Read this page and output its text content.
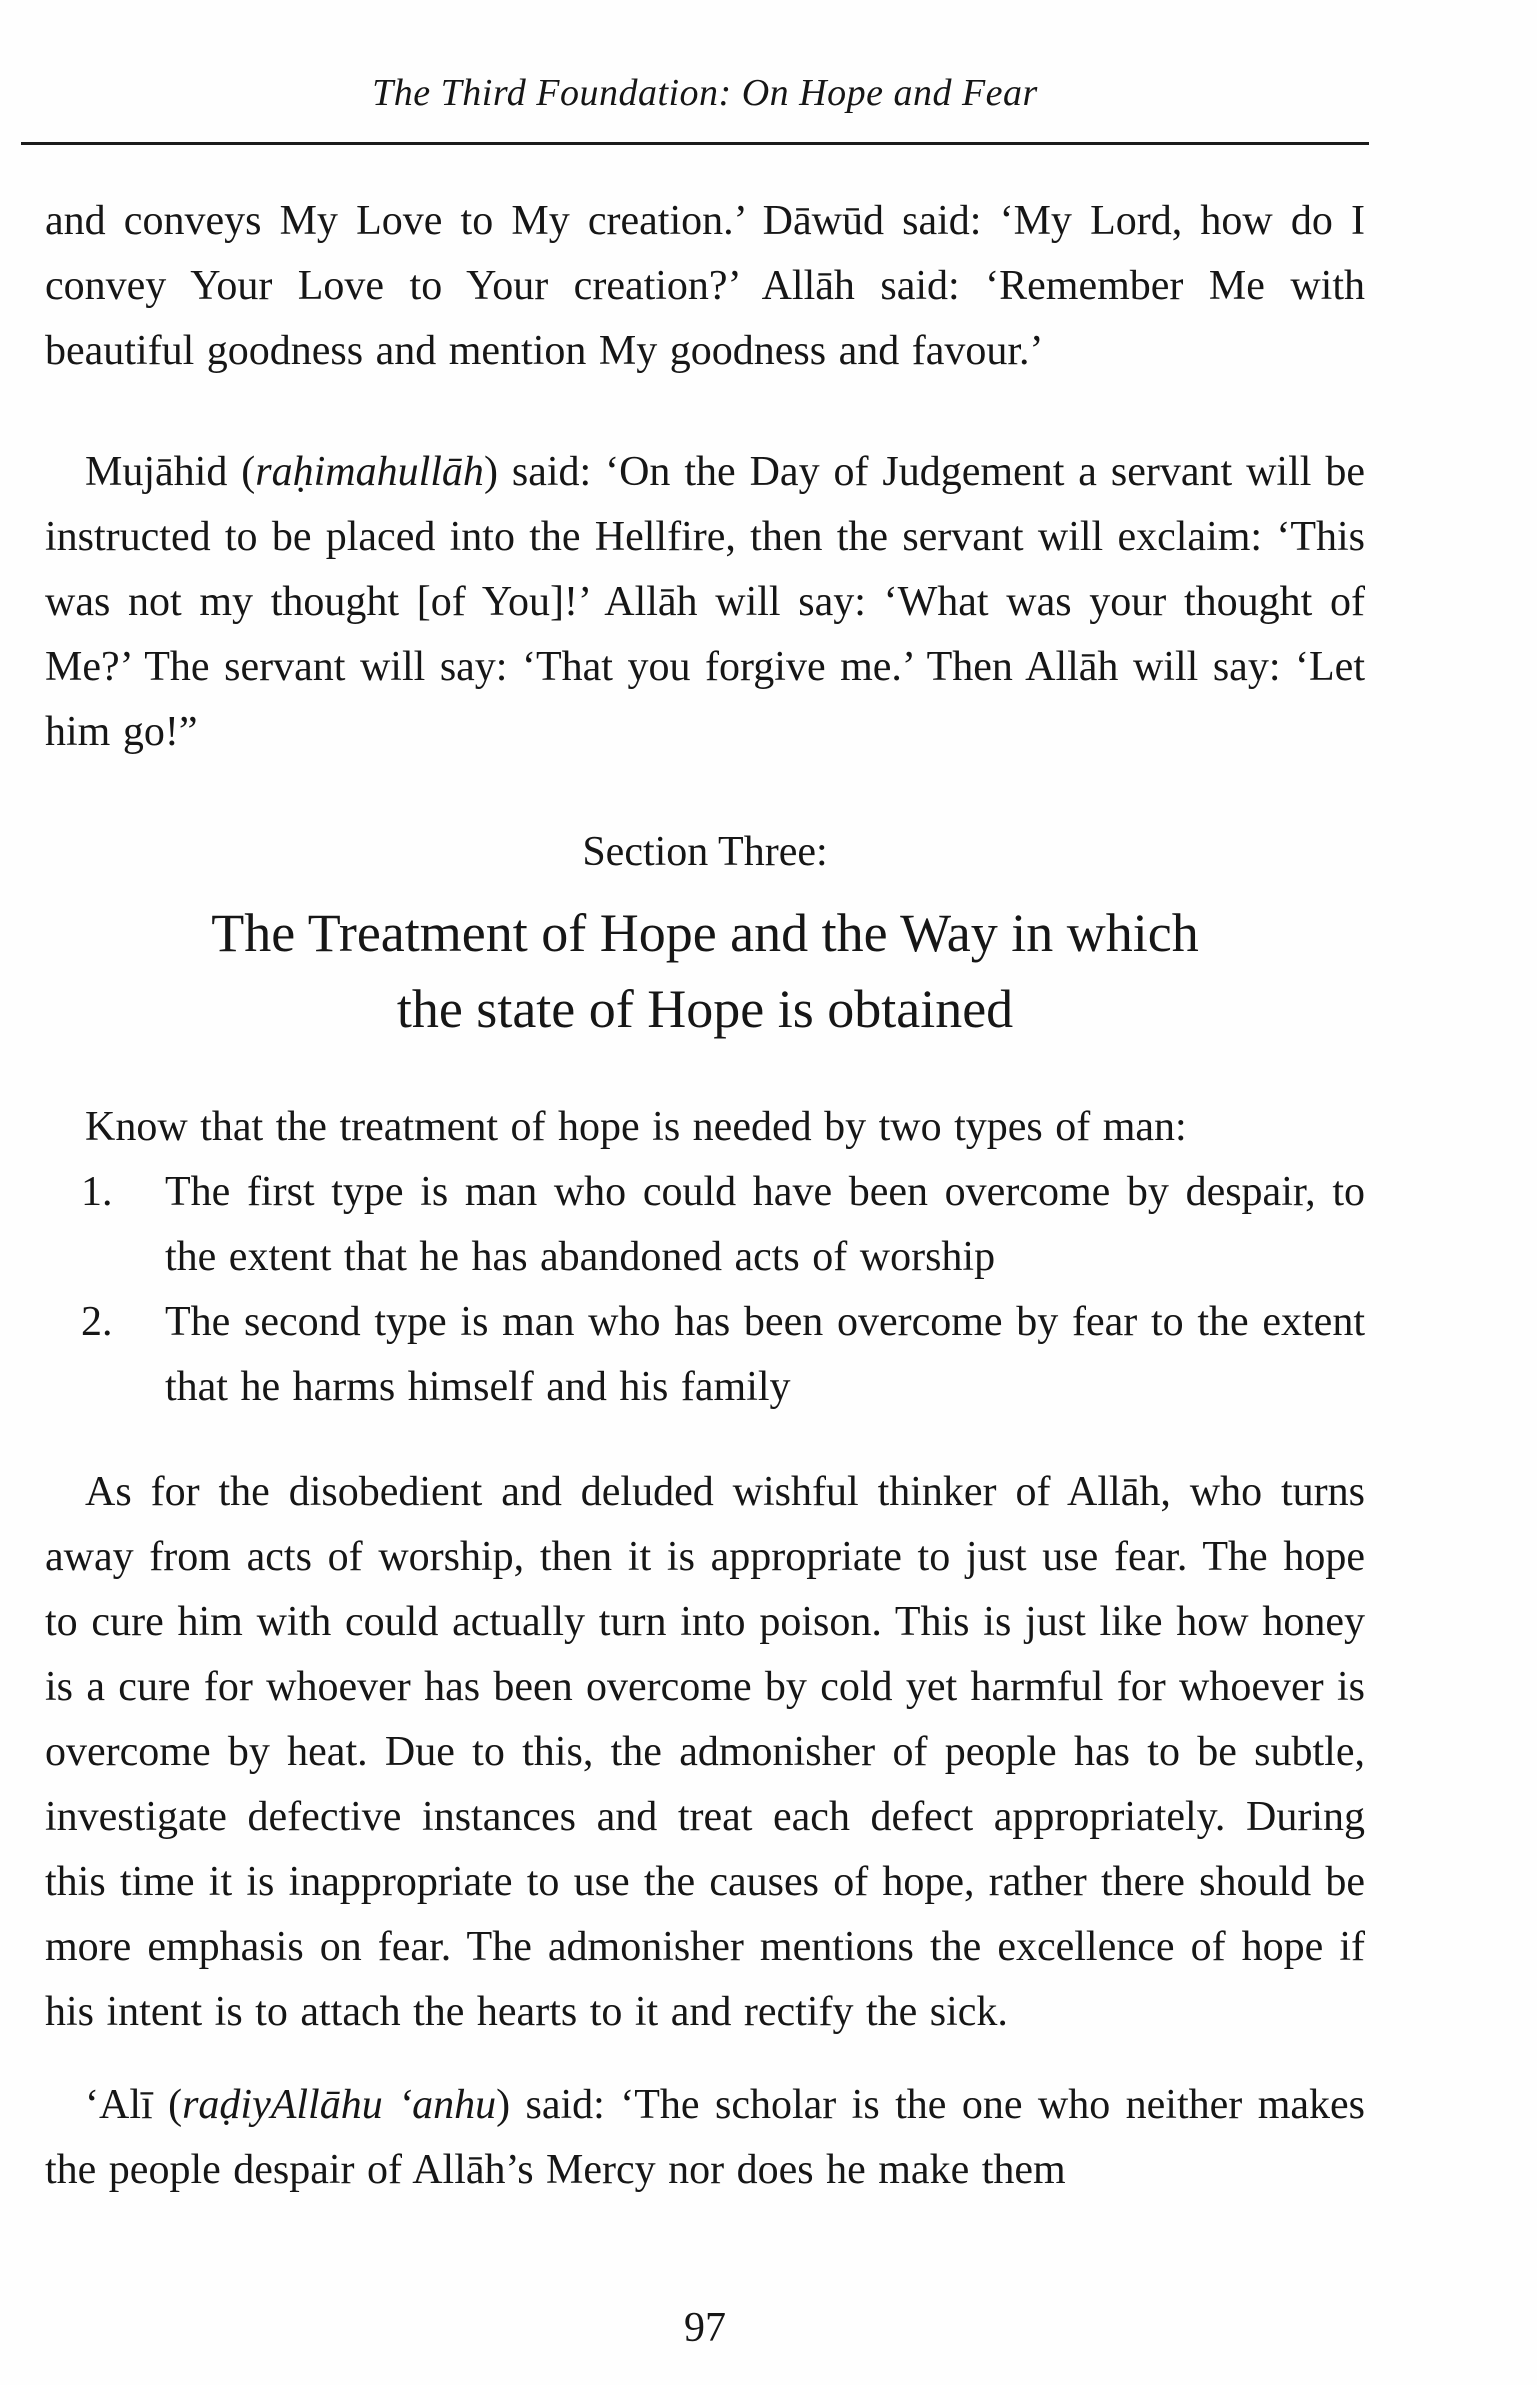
The Third Foundation: On Hope and Fear

and conveys My Love to My creation.’ Dāwūd said: ‘My Lord, how do I convey Your Love to Your creation?’ Allāh said: ‘Remember Me with beautiful goodness and mention My goodness and favour.’

Mujāhid (raḥimahullāh) said: ‘On the Day of Judgement a servant will be instructed to be placed into the Hellfire, then the servant will exclaim: ‘This was not my thought [of You]!’ Allāh will say: ‘What was your thought of Me?’ The servant will say: ‘That you forgive me.’ Then Allāh will say: ‘Let him go!”

Section Three:
The Treatment of Hope and the Way in which
the state of Hope is obtained

Know that the treatment of hope is needed by two types of man:

1. The first type is man who could have been overcome by despair, to the extent that he has abandoned acts of worship
2. The second type is man who has been overcome by fear to the extent that he harms himself and his family

As for the disobedient and deluded wishful thinker of Allāh, who turns away from acts of worship, then it is appropriate to just use fear. The hope to cure him with could actually turn into poison. This is just like how honey is a cure for whoever has been overcome by cold yet harmful for whoever is overcome by heat. Due to this, the admonisher of people has to be subtle, investigate defective instances and treat each defect appropriately. During this time it is inappropriate to use the causes of hope, rather there should be more emphasis on fear. The admonisher mentions the excellence of hope if his intent is to attach the hearts to it and rectify the sick.

‘Alī (raḍiyAllāhu ‘anhu) said: ‘The scholar is the one who neither makes the people despair of Allāh’s Mercy nor does he make them

97
